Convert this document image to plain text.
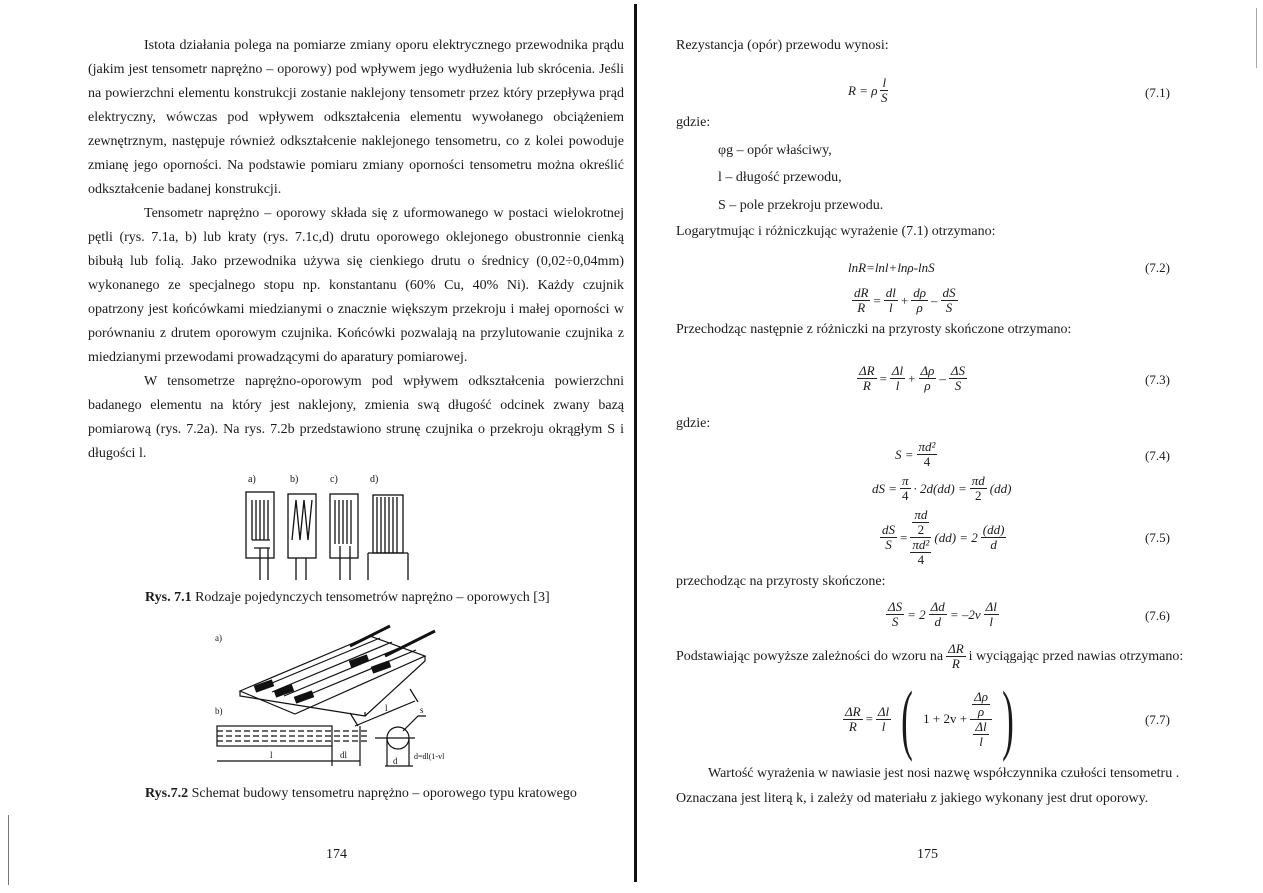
Istota działania polega na pomiarze zmiany oporu elektrycznego przewodnika prądu (jakim jest tensometr naprężno – oporowy) pod wpływem jego wydłużenia lub skrócenia. Jeśli na powierzchni elementu konstrukcji zostanie naklejony tensometr przez który przepływa prąd elektryczny, wówczas pod wpływem odkształcenia elementu wywołanego obciążeniem zewnętrznym, następuje również odkształcenie naklejonego tensometru, co z kolei powoduje zmianę jego oporności. Na podstawie pomiaru zmiany oporności tensometru można określić odkształcenie badanej konstrukcji.

Tensometr naprężno – oporowy składa się z uformowanego w postaci wielokrotnej pętli (rys. 7.1a, b) lub kraty (rys. 7.1c,d) drutu oporowego oklejonego obustronnie cienką bibułą lub folią. Jako przewodnika używa się cienkiego drutu o średnicy (0,02÷0,04mm) wykonanego ze specjalnego stopu np. konstantanu (60% Cu, 40% Ni). Każdy czujnik opatrzony jest końcówkami miedzianymi o znacznie większym przekroju i małej oporności w porównaniu z drutem oporowym czujnika. Końcówki pozwalają na przylutowanie czujnika z miedzianymi przewodami prowadzącymi do aparatury pomiarowej.

W tensometrze naprężno-oporowym pod wpływem odkształcenia powierzchni badanego elementu na który jest naklejony, zmienia swą długość odcinek zwany bazą pomiarową (rys. 7.2a). Na rys. 7.2b przedstawiono strunę czujnika o przekroju okrągłym S i długości l.

a)	b)	c)	d)
Rys. 7.1 Rodzaje pojedynczych tensometrów naprężno – oporowych [3]
a)
l
b)
l	dl
s
d d=dl(1-vl
Rys.7.2 Schemat budowy tensometru naprężno – oporowego typu kratowego
174
Rezystancja (opór) przewodu wynosi:
R = ρ $\frac{l}{S}$	(7.1)
gdzie:
φg – opór właściwy,
l – długość przewodu,
S – pole przekroju przewodu.
Logarytmując i różniczkując wyrażenie (7.1) otrzymano:
lnR=lnl+lnρ-lnS	(7.2)
$\frac{dR}{R} = \frac{dl}{l} + \frac{d\rho}{\rho} - \frac{dS}{S}$
Przechodząc następnie z różniczki na przyrosty skończone otrzymano:
$\frac{\Delta R}{R} = \frac{\Delta l}{l} + \frac{\Delta\rho}{\rho} - \frac{\Delta S}{S}$	(7.3)
gdzie:
$S = \frac{\text{πd²}}{4}$	(7.4)
dS = $\frac{\pi}{4} \cdot 2d(dd) = \frac{\pi d}{2} (dd)$
$\frac{dS}{S} = \frac{\frac{\pi d}{2}}{\frac{\text{πd²}}{4}} (dd) = 2 \frac{(dd)}{d}$	(7.5)
przechodząc na przyrosty skończone:
$\frac{\Delta S}{S} = 2 \frac{\Delta d}{d} = -2v \frac{\Delta l}{l}$	(7.6)
Podstawiając powyższe zależności do wzoru na $\frac{\Delta R}{R}$ i wyciągając przed nawias otrzymano:
$\frac{\Delta R}{R} = \frac{\Delta l}{l}$ ( $1 + 2v + \frac{\frac{\Delta\rho}{\rho}}{\frac{\Delta l}{l}}$ )	(7.7)
Wartość wyrażenia w nawiasie jest nosi nazwę współczynnika czułości tensometru .
Oznaczana jest literą k, i zależy od materiału z jakiego wykonany jest drut oporowy.
175
